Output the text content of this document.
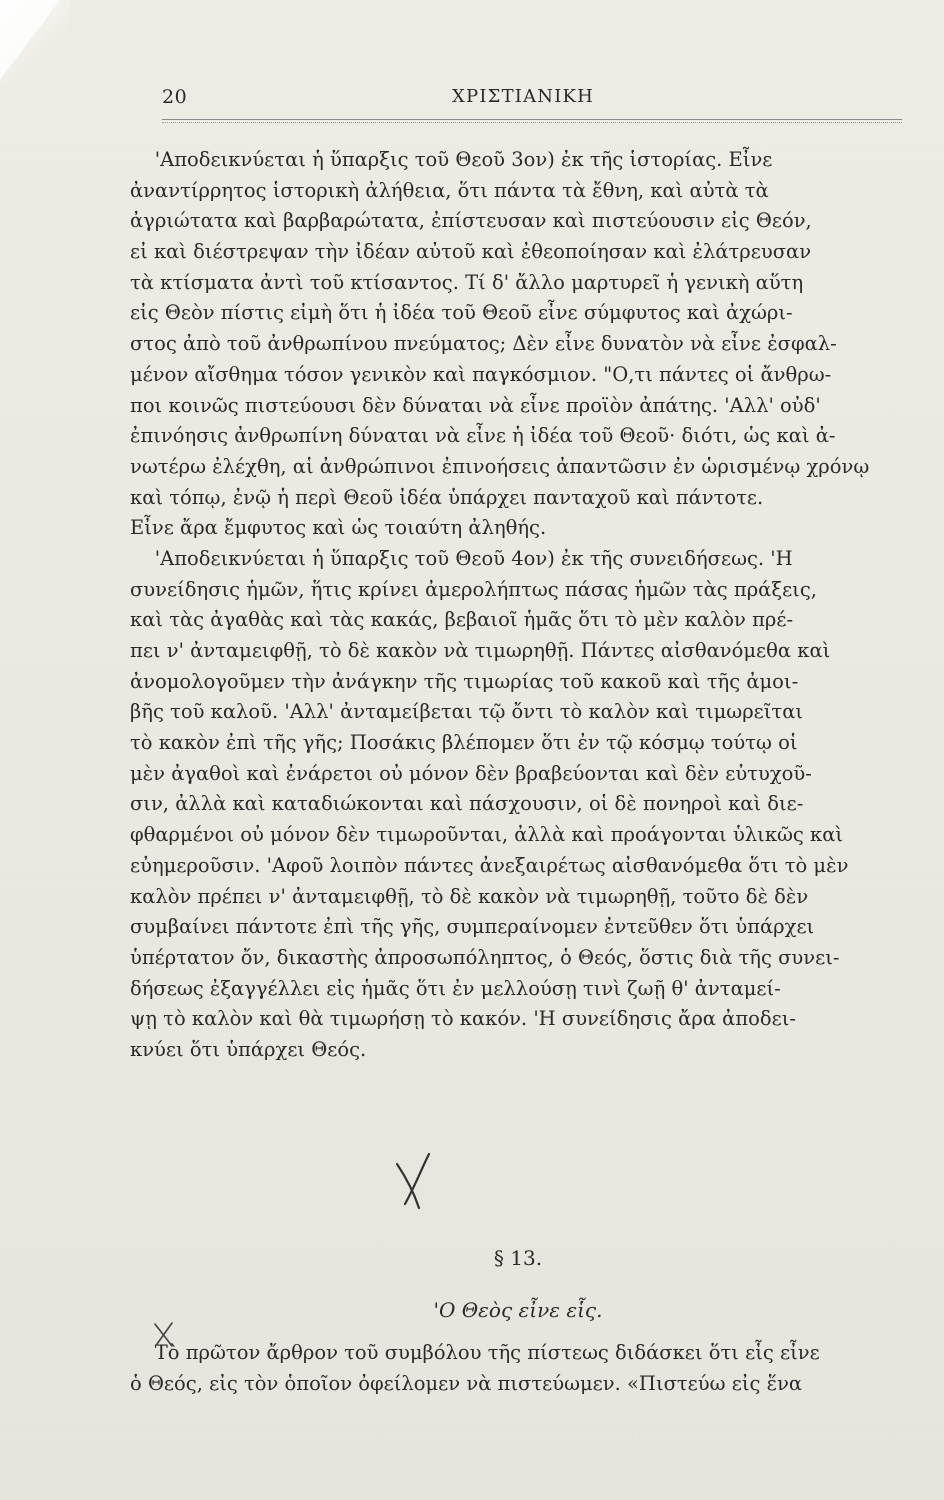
20	ΧΡΙΣΤΙΑΝΙΚΗ
'Αποδεικνύεται ἡ ὕπαρξις τοῦ Θεοῦ 3ον) ἐκ τῆς ἱστορίας. Εἶνε
ἀναντίρρητος ἱστορικὴ ἀλήθεια, ὅτι πάντα τὰ ἔθνη, καὶ αὐτὰ τὰ
ἀγριώτατα καὶ βαρβαρώτατα, ἐπίστευσαν καὶ πιστεύουσιν εἰς Θεόν,
εἰ καὶ διέστρεψαν τὴν ἰδέαν αὐτοῦ καὶ ἐθεοποίησαν καὶ ἐλάτρευσαν
τὰ κτίσματα ἀντὶ τοῦ κτίσαντος. Τί δ' ἄλλο μαρτυρεῖ ἡ γενικὴ αὕτη
εἰς Θεὸν πίστις εἰμὴ ὅτι ἡ ἰδέα τοῦ Θεοῦ εἶνε σύμφυτος καὶ ἀχώρι-
στος ἀπὸ τοῦ ἀνθρωπίνου πνεύματος; Δὲν εἶνε δυνατὸν νὰ εἶνε ἐσφαλ-
μένον αἴσθημα τόσον γενικὸν καὶ παγκόσμιον. "Ο,τι πάντες οἱ ἄνθρω-
ποι κοινῶς πιστεύουσι δὲν δύναται νὰ εἶνε προϊὸν ἀπάτης. 'Αλλ' οὐδ'
ἐπινόησις ἀνθρωπίνη δύναται νὰ εἶνε ἡ ἰδέα τοῦ Θεοῦ· διότι, ὡς καὶ ἀ-
νωτέρω ἐλέχθη, αἱ ἀνθρώπινοι ἐπινοήσεις ἀπαντῶσιν ἐν ὡρισμένῳ χρόνῳ
καὶ τόπῳ, ἐνῷ ἡ περὶ Θεοῦ ἰδέα ὑπάρχει πανταχοῦ καὶ πάντοτε.
Εἶνε ἄρα ἔμφυτος καὶ ὡς τοιαύτη ἀληθής.
'Αποδεικνύεται ἡ ὕπαρξις τοῦ Θεοῦ 4ον) ἐκ τῆς συνειδήσεως. 'Η
συνείδησις ἡμῶν, ἥτις κρίνει ἀμερολήπτως πάσας ἡμῶν τὰς πράξεις,
καὶ τὰς ἀγαθὰς καὶ τὰς κακάς, βεβαιοῖ ἡμᾶς ὅτι τὸ μὲν καλὸν πρέ-
πει ν' ἀνταμειφθῇ, τὸ δὲ κακὸν νὰ τιμωρηθῇ. Πάντες αἰσθανόμεθα καὶ
ἀνομολογοῦμεν τὴν ἀνάγκην τῆς τιμωρίας τοῦ κακοῦ καὶ τῆς ἀμοι-
βῆς τοῦ καλοῦ. 'Αλλ' ἀνταμείβεται τῷ ὄντι τὸ καλὸν καὶ τιμωρεῖται
τὸ κακὸν ἐπὶ τῆς γῆς; Ποσάκις βλέπομεν ὅτι ἐν τῷ κόσμῳ τούτῳ οἱ
μὲν ἀγαθοὶ καὶ ἐνάρετοι οὐ μόνον δὲν βραβεύονται καὶ δὲν εὐτυχοῦ-
σιν, ἀλλὰ καὶ καταδιώκονται καὶ πάσχουσιν, οἱ δὲ πονηροὶ καὶ διε-
φθαρμένοι οὐ μόνον δὲν τιμωροῦνται, ἀλλὰ καὶ προάγονται ὑλικῶς καὶ
εὐημεροῦσιν. 'Αφοῦ λοιπὸν πάντες ἀνεξαιρέτως αἰσθανόμεθα ὅτι τὸ μὲν
καλὸν πρέπει ν' ἀνταμειφθῇ, τὸ δὲ κακὸν νὰ τιμωρηθῇ, τοῦτο δὲ δὲν
συμβαίνει πάντοτε ἐπὶ τῆς γῆς, συμπεραίνομεν ἐντεῦθεν ὅτι ὑπάρχει
ὑπέρτατον ὄν, δικαστὴς ἀπροσωπόληπτος, ὁ Θεός, ὅστις διὰ τῆς συνει-
δήσεως ἐξαγγέλλει εἰς ἡμᾶς ὅτι ἐν μελλούσῃ τινὶ ζωῇ θ' ἀνταμεί-
ψῃ τὸ καλὸν καὶ θὰ τιμωρήσῃ τὸ κακόν. 'Η συνείδησις ἄρα ἀποδει-
κνύει ὅτι ὑπάρχει Θεός.
§ 13.
'Ο Θεὸς εἶνε εἷς.
Τὸ πρῶτον ἄρθρον τοῦ συμβόλου τῆς πίστεως διδάσκει ὅτι εἷς εἶνε
ὁ Θεός, εἰς τὸν ὁποῖον ὀφείλομεν νὰ πιστεύωμεν. «Πιστεύω εἰς ἕνα
